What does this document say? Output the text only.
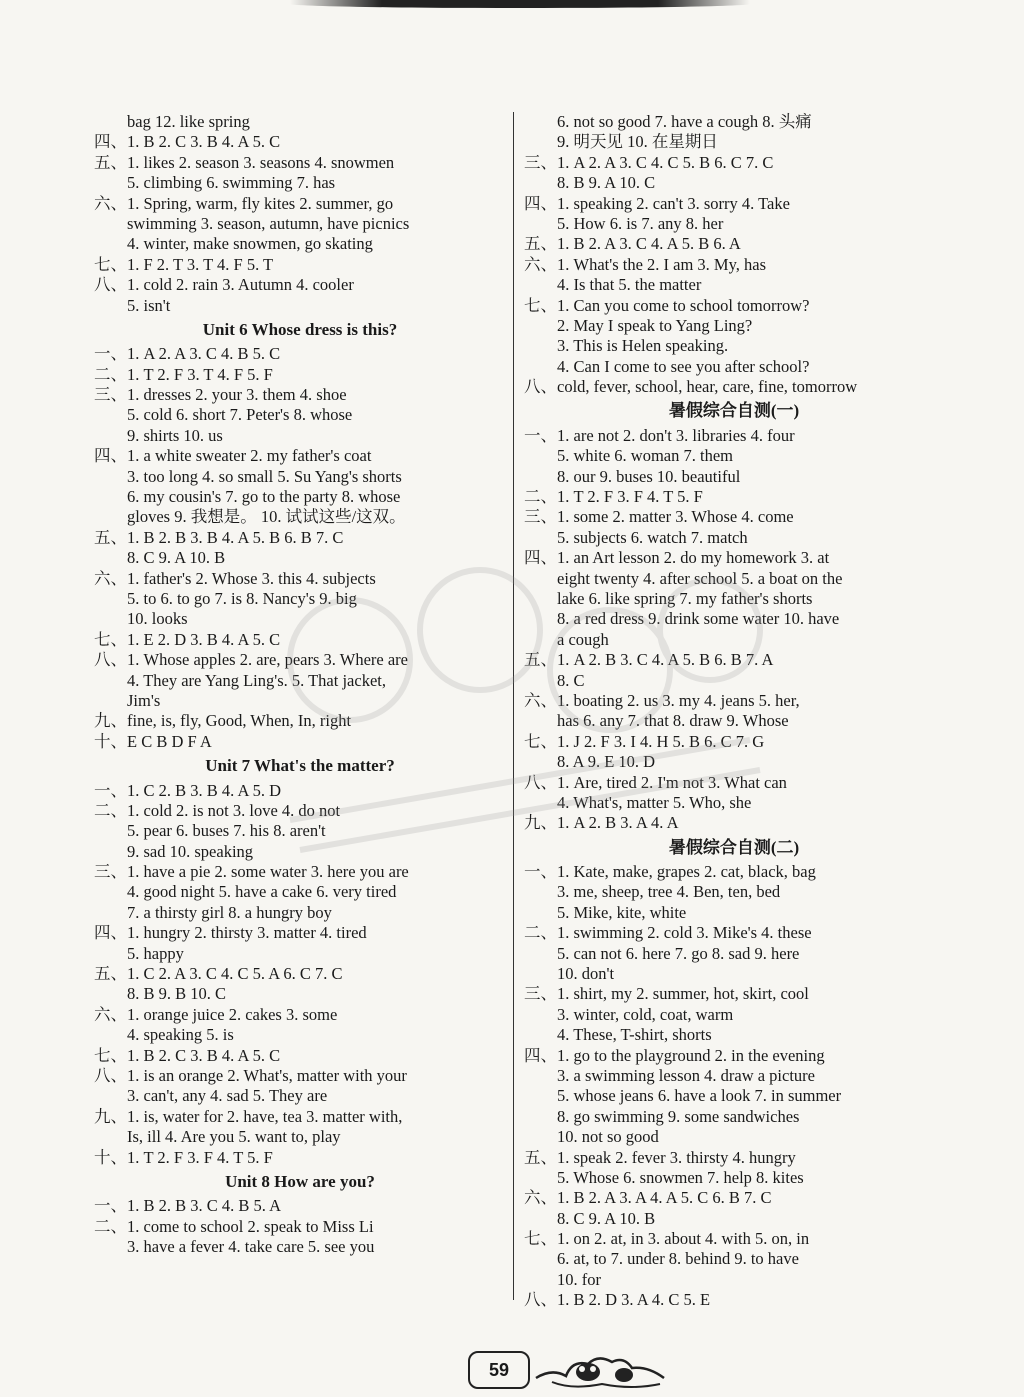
bag 12. like spring
四、1. B 2. C 3. B 4. A 5. C
五、1. likes 2. season 3. seasons 4. snowmen
5. climbing 6. swimming 7. has
六、1. Spring, warm, fly kites 2. summer, go
swimming 3. season, autumn, have picnics
4. winter, make snowmen, go skating
七、1. F 2. T 3. T 4. F 5. T
八、1. cold 2. rain 3. Autumn 4. cooler
5. isn't
Unit 6 Whose dress is this?
一、1. A 2. A 3. C 4. B 5. C
二、1. T 2. F 3. T 4. F 5. F
三、1. dresses 2. your 3. them 4. shoe
5. cold 6. short 7. Peter's 8. whose
9. shirts 10. us
四、1. a white sweater 2. my father's coat
3. too long 4. so small 5. Su Yang's shorts
6. my cousin's 7. go to the party 8. whose
gloves 9. 我想是。 10. 试试这些/这双。
五、1. B 2. B 3. B 4. A 5. B 6. B 7. C
8. C 9. A 10. B
六、1. father's 2. Whose 3. this 4. subjects
5. to 6. to go 7. is 8. Nancy's 9. big
10. looks
七、1. E 2. D 3. B 4. A 5. C
八、1. Whose apples 2. are, pears 3. Where are
4. They are Yang Ling's. 5. That jacket,
Jim's
九、fine, is, fly, Good, When, In, right
十、E C B D F A
Unit 7 What's the matter?
一、1. C 2. B 3. B 4. A 5. D
二、1. cold 2. is not 3. love 4. do not
5. pear 6. buses 7. his 8. aren't
9. sad 10. speaking
三、1. have a pie 2. some water 3. here you are
4. good night 5. have a cake 6. very tired
7. a thirsty girl 8. a hungry boy
四、1. hungry 2. thirsty 3. matter 4. tired
5. happy
五、1. C 2. A 3. C 4. C 5. A 6. C 7. C
8. B 9. B 10. C
六、1. orange juice 2. cakes 3. some
4. speaking 5. is
七、1. B 2. C 3. B 4. A 5. C
八、1. is an orange 2. What's, matter with your
3. can't, any 4. sad 5. They are
九、1. is, water for 2. have, tea 3. matter with,
Is, ill 4. Are you 5. want to, play
十、1. T 2. F 3. F 4. T 5. F
Unit 8 How are you?
一、1. B 2. B 3. C 4. B 5. A
二、1. come to school 2. speak to Miss Li
3. have a fever 4. take care 5. see you
6. not so good 7. have a cough 8. 头痛
9. 明天见 10. 在星期日
三、1. A 2. A 3. C 4. C 5. B 6. C 7. C
8. B 9. A 10. C
四、1. speaking 2. can't 3. sorry 4. Take
5. How 6. is 7. any 8. her
五、1. B 2. A 3. C 4. A 5. B 6. A
六、1. What's the 2. I am 3. My, has
4. Is that 5. the matter
七、1. Can you come to school tomorrow?
2. May I speak to Yang Ling?
3. This is Helen speaking.
4. Can I come to see you after school?
八、cold, fever, school, hear, care, fine, tomorrow
暑假综合自测(一)
一、1. are not 2. don't 3. libraries 4. four
5. white 6. woman 7. them
8. our 9. buses 10. beautiful
二、1. T 2. F 3. F 4. T 5. F
三、1. some 2. matter 3. Whose 4. come
5. subjects 6. watch 7. match
四、1. an Art lesson 2. do my homework 3. at
eight twenty 4. after school 5. a boat on the
lake 6. like spring 7. my father's shorts
8. a red dress 9. drink some water 10. have
a cough
五、1. A 2. B 3. C 4. A 5. B 6. B 7. A
8. C
六、1. boating 2. us 3. my 4. jeans 5. her,
has 6. any 7. that 8. draw 9. Whose
七、1. J 2. F 3. I 4. H 5. B 6. C 7. G
8. A 9. E 10. D
八、1. Are, tired 2. I'm not 3. What can
4. What's, matter 5. Who, she
九、1. A 2. B 3. A 4. A
暑假综合自测(二)
一、1. Kate, make, grapes 2. cat, black, bag
3. me, sheep, tree 4. Ben, ten, bed
5. Mike, kite, white
二、1. swimming 2. cold 3. Mike's 4. these
5. can not 6. here 7. go 8. sad 9. here
10. don't
三、1. shirt, my 2. summer, hot, skirt, cool
3. winter, cold, coat, warm
4. These, T-shirt, shorts
四、1. go to the playground 2. in the evening
3. a swimming lesson 4. draw a picture
5. whose jeans 6. have a look 7. in summer
8. go swimming 9. some sandwiches
10. not so good
五、1. speak 2. fever 3. thirsty 4. hungry
5. Whose 6. snowmen 7. help 8. kites
六、1. B 2. A 3. A 4. A 5. C 6. B 7. C
8. C 9. A 10. B
七、1. on 2. at, in 3. about 4. with 5. on, in
6. at, to 7. under 8. behind 9. to have
10. for
八、1. B 2. D 3. A 4. C 5. E
59
